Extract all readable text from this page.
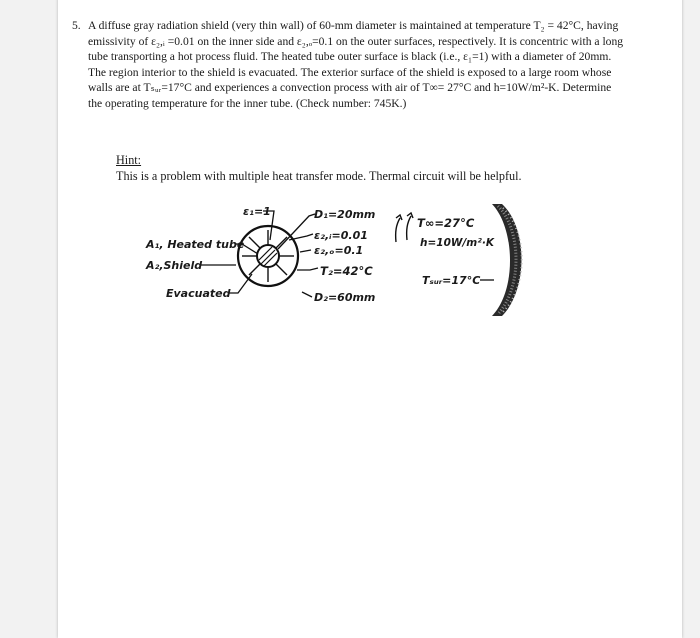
5. A diffuse gray radiation shield (very thin wall) of 60-mm diameter is maintained at temperature T₂ = 42°C, having emissivity of ε₂,ᵢ =0.01 on the inner side and ε₂,ₒ=0.1 on the outer surfaces, respectively. It is concentric with a long tube transporting a hot process fluid. The heated tube outer surface is black (i.e., ε₁=1) with a diameter of 20mm. The region interior to the shield is evacuated. The exterior surface of the shield is exposed to a large room whose walls are at Tₛᵤᵣ=17°C and experiences a convection process with air of T∞= 27°C and h=10W/m²-K. Determine the operating temperature for the inner tube. (Check number: 745K.)

Hint:
This is a problem with multiple heat transfer mode. Thermal circuit will be helpful.
ε₁=1
A₁, Heated tube
A₂,Shield
Evacuated
D₁=20mm
ε₂,ᵢ=0.01
ε₂,ₒ=0.1
T₂=42°C
D₂=60mm
T∞=27°C
h=10W/m²·K
Tₛᵤᵣ=17°C
